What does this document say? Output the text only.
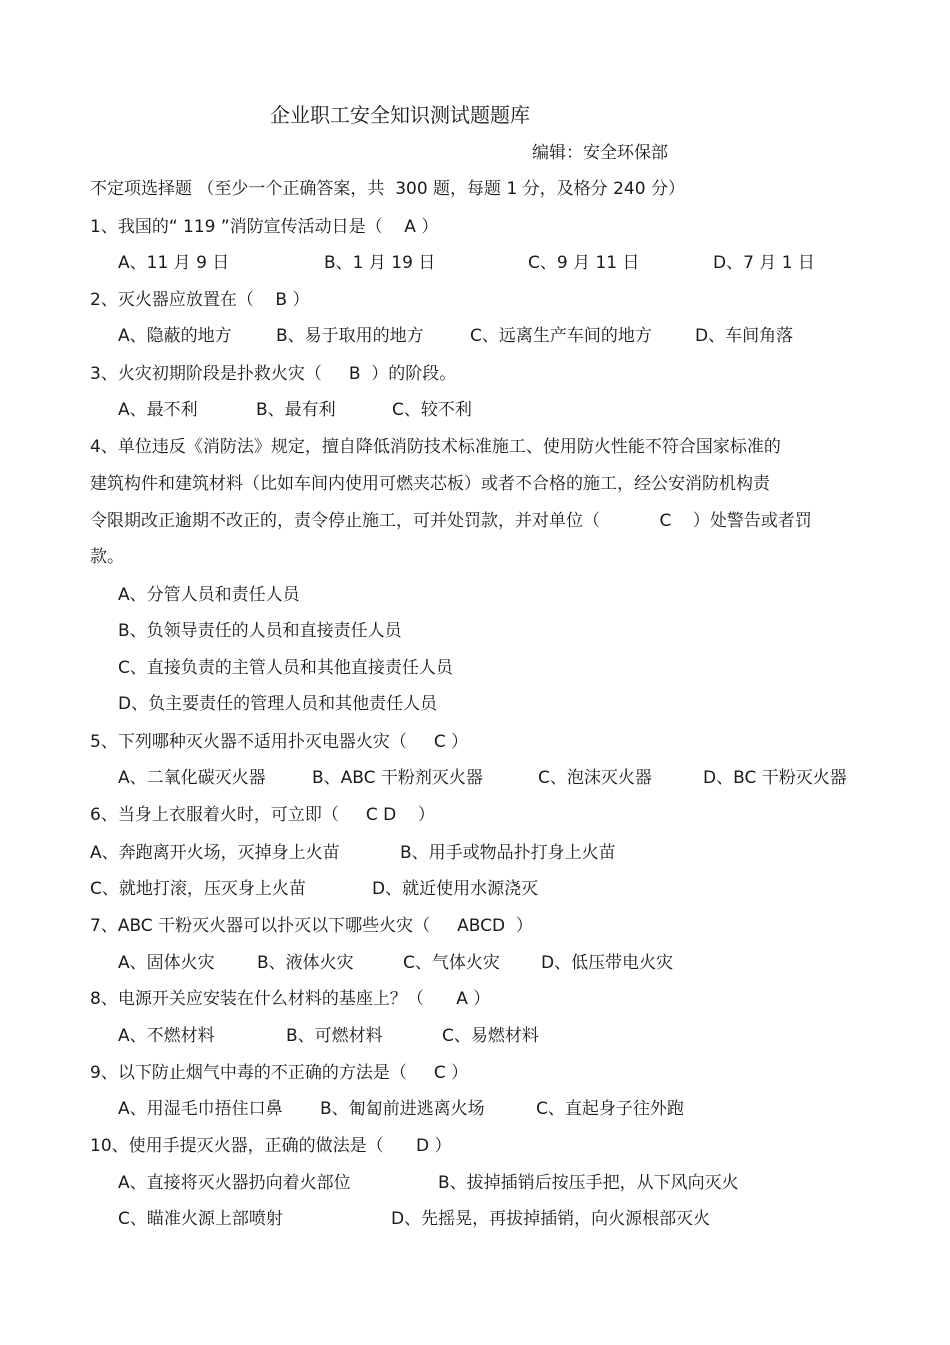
企业职工安全知识测试题题库
编辑：安全环保部
不定项选择题 （至少一个正确答案，共  300 题，每题 1 分，及格分 240 分）
1、我国的“ 119 ”消防宣传活动日是（    A ）
A、11 月 9 日	B、1 月 19 日	C、9 月 11 日	D、7 月 1 日
2、灭火器应放置在（    B ）
A、隐蔽的地方	B、易于取用的地方	C、远离生产车间的地方	D、车间角落
3、火灾初期阶段是扑救火灾（     B  ）的阶段。
A、最不利	B、最有利	C、较不利
4、单位违反《消防法》规定，擅自降低消防技术标准施工、使用防火性能不符合国家标准的
建筑构件和建筑材料（比如车间内使用可燃夹芯板）或者不合格的施工，经公安消防机构责
令限期改正逾期不改正的，责令停止施工，可并处罚款，并对单位（           C    ）处警告或者罚
款。
A、分管人员和责任人员
B、负领导责任的人员和直接责任人员
C、直接负责的主管人员和其他直接责任人员
D、负主要责任的管理人员和其他责任人员
5、下列哪种灭火器不适用扑灭电器火灾（     C ）
A、二氧化碳灭火器	B、ABC 干粉剂灭火器	C、泡沫灭火器	D、BC 干粉灭火器
6、当身上衣服着火时，可立即（     C D    ）
A、奔跑离开火场，灭掉身上火苗	B、用手或物品扑打身上火苗
C、就地打滚，压灭身上火苗	D、就近使用水源浇灭
7、ABC 干粉灭火器可以扑灭以下哪些火灾（     ABCD  ）
A、固体火灾 B、液体火灾	C、气体火灾 D、低压带电火灾
8、电源开关应安装在什么材料的基座上？（      A ）
A、不燃材料	B、可燃材料	C、易燃材料
9、以下防止烟气中毒的不正确的方法是（     C ）
A、用湿毛巾捂住口鼻 B、匍匐前进逃离火场	C、直起身子往外跑
10、使用手提灭火器，正确的做法是（      D ）
A、直接将灭火器扔向着火部位	B、拔掉插销后按压手把，从下风向灭火
C、瞄准火源上部喷射	D、先摇晃，再拔掉插销，向火源根部灭火
